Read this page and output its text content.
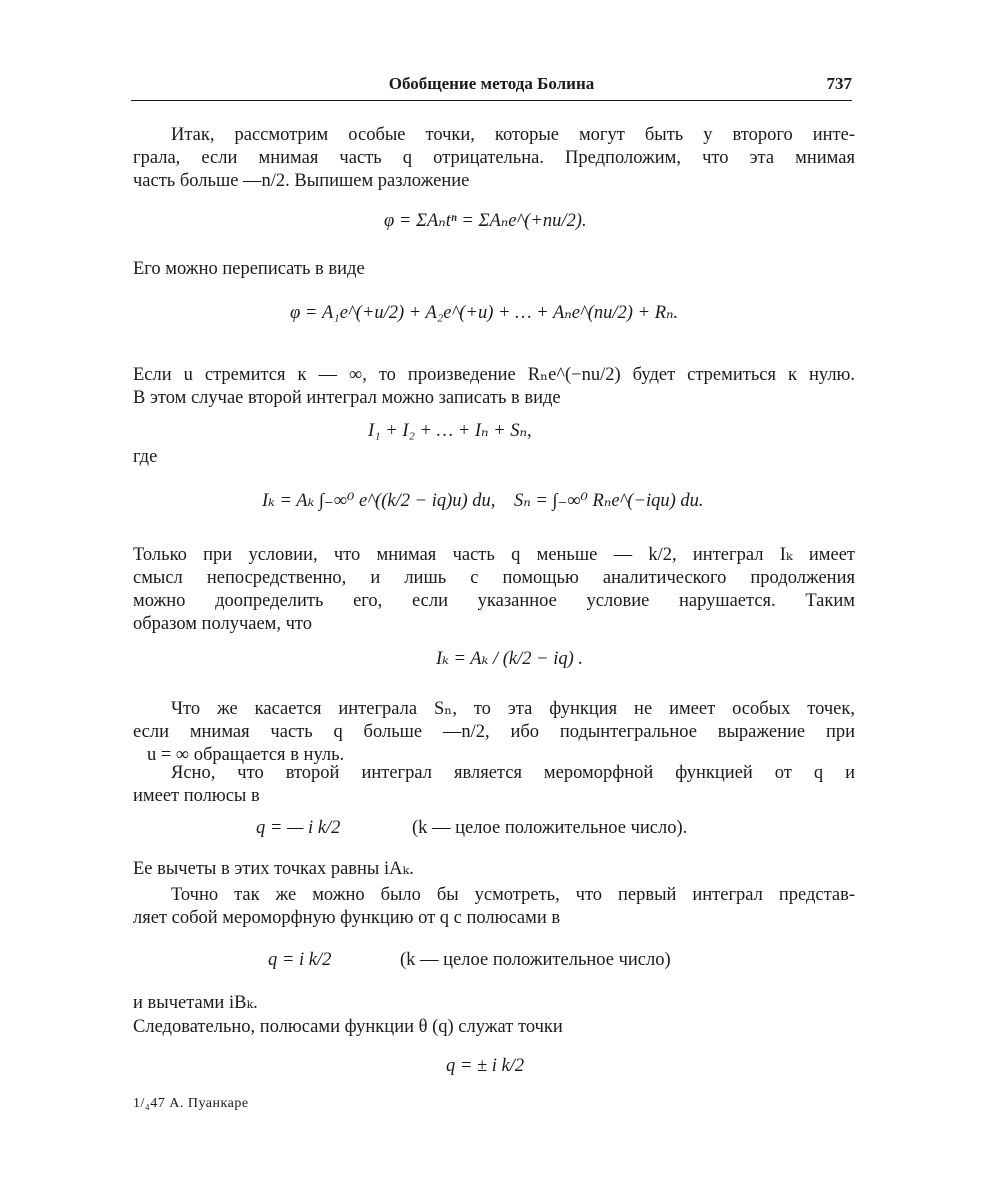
Обобщение метода Болина	737
Итак, рассмотрим особые точки, которые могут быть у второго инте-
грала, если мнимая часть q отрицательна. Предположим, что эта мнимая
часть больше —n/2. Выпишем разложение
φ = ΣAₙtⁿ = ΣAₙe^(+nu/2).
Его можно переписать в виде
φ = A₁e^(+u/2) + A₂e^(+u) + … + Aₙe^(nu/2) + Rₙ.
Если u стремится к — ∞, то произведение Rₙe^(−nu/2) будет стремиться к нулю.
В этом случае второй интеграл можно записать в виде
I₁ + I₂ + … + Iₙ + Sₙ,
где
Iₖ = Aₖ ∫₋∞⁰ e^((k/2 − iq)u) du, Sₙ = ∫₋∞⁰ Rₙe^(−iqu) du.
Только при условии, что мнимая часть q меньше — k/2, интеграл Iₖ имеет
смысл непосредственно, и лишь с помощью аналитического продолжения
можно доопределить его, если указанное условие нарушается. Таким
образом получаем, что
Iₖ = Aₖ / (k/2 − iq) .
Что же касается интеграла Sₙ, то эта функция не имеет особых точек,
если мнимая часть q больше —n/2, ибо подынтегральное выражение при
u = ∞ обращается в нуль.
Ясно, что второй интеграл является мероморфной функцией от q и
имеет полюсы в
q = — i k/2	(k — целое положительное число).
Ее вычеты в этих точках равны iAₖ.
Точно так же можно было бы усмотреть, что первый интеграл представ-
ляет собой мероморфную функцию от q с полюсами в
q = i k/2	(k — целое положительное число)
и вычетами iBₖ.
Следовательно, полюсами функции θ (q) служат точки
q = ± i k/2
1/₄47 А. Пуанкаре
